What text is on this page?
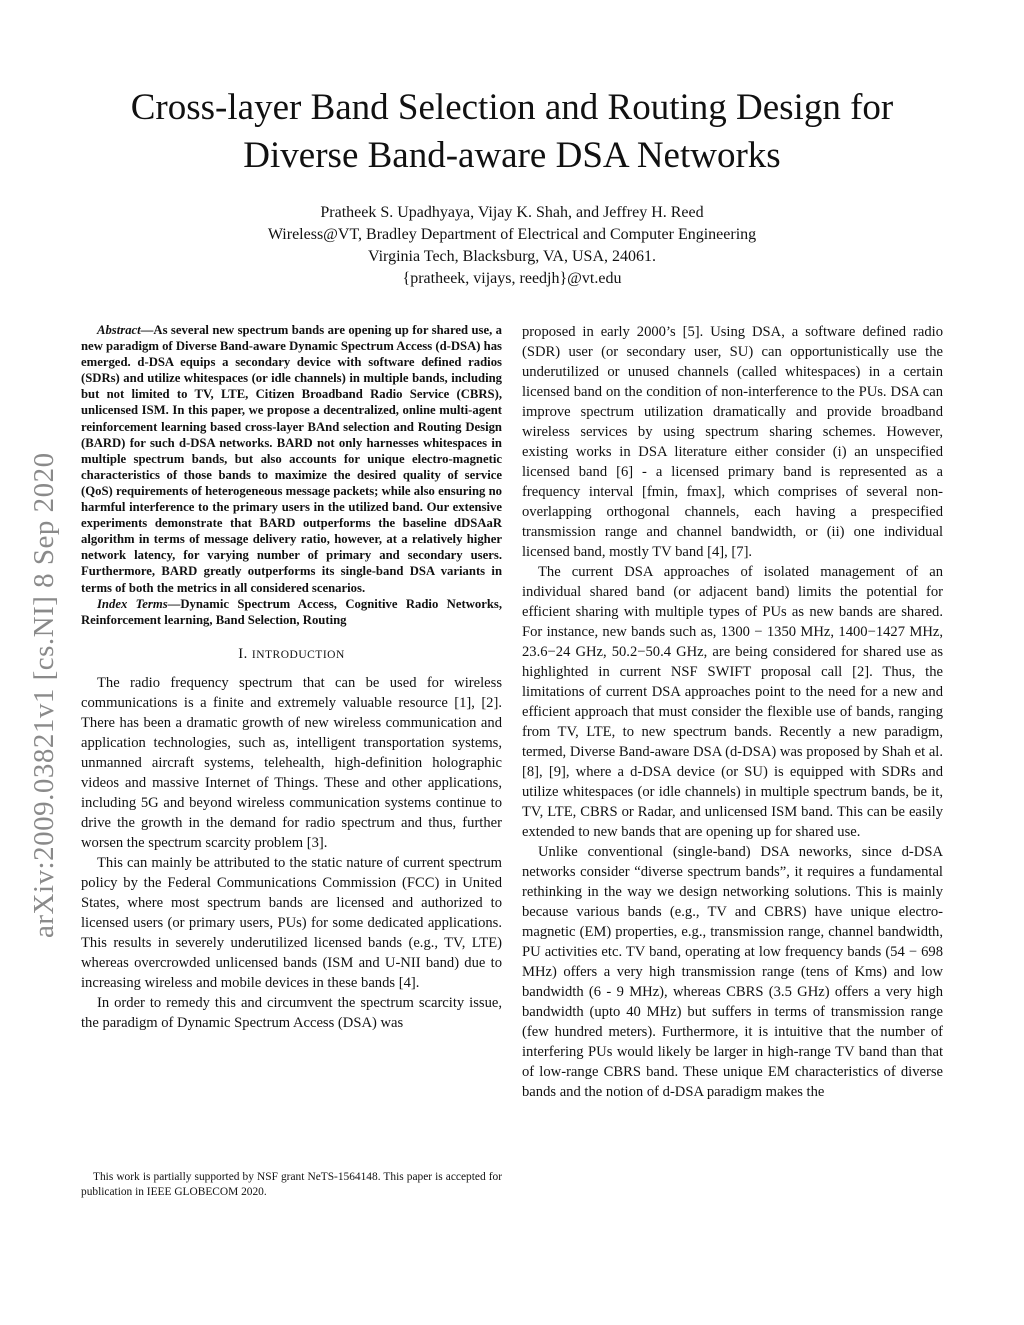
arXiv:2009.03821v1 [cs.NI] 8 Sep 2020
Cross-layer Band Selection and Routing Design for
Diverse Band-aware DSA Networks
Pratheek S. Upadhyaya, Vijay K. Shah, and Jeffrey H. Reed
Wireless@VT, Bradley Department of Electrical and Computer Engineering
Virginia Tech, Blacksburg, VA, USA, 24061.
{pratheek, vijays, reedjh}@vt.edu

Abstract—As several new spectrum bands are opening up for shared use, a new paradigm of Diverse Band-aware Dynamic Spectrum Access (d-DSA) has emerged. d-DSA equips a secondary device with software defined radios (SDRs) and utilize whitespaces (or idle channels) in multiple bands, including but not limited to TV, LTE, Citizen Broadband Radio Service (CBRS), unlicensed ISM. In this paper, we propose a decentralized, online multi-agent reinforcement learning based cross-layer BAnd selection and Routing Design (BARD) for such d-DSA networks. BARD not only harnesses whitespaces in multiple spectrum bands, but also accounts for unique electro-magnetic characteristics of those bands to maximize the desired quality of service (QoS) requirements of heterogeneous message packets; while also ensuring no harmful interference to the primary users in the utilized band. Our extensive experiments demonstrate that BARD outperforms the baseline dDSAaR algorithm in terms of message delivery ratio, however, at a relatively higher network latency, for varying number of primary and secondary users. Furthermore, BARD greatly outperforms its single-band DSA variants in terms of both the metrics in all considered scenarios.

Index Terms—Dynamic Spectrum Access, Cognitive Radio Networks, Reinforcement learning, Band Selection, Routing

I. INTRODUCTION

The radio frequency spectrum that can be used for wireless communications is a finite and extremely valuable resource [1], [2]. There has been a dramatic growth of new wireless communication and application technologies, such as, intelligent transportation systems, unmanned aircraft systems, telehealth, high-definition holographic videos and massive Internet of Things. These and other applications, including 5G and beyond wireless communication systems continue to drive the growth in the demand for radio spectrum and thus, further worsen the spectrum scarcity problem [3].

This can mainly be attributed to the static nature of current spectrum policy by the Federal Communications Commission (FCC) in United States, where most spectrum bands are licensed and authorized to licensed users (or primary users, PUs) for some dedicated applications. This results in severely underutilized licensed bands (e.g., TV, LTE) whereas overcrowded unlicensed bands (ISM and U-NII band) due to increasing wireless and mobile devices in these bands [4].

In order to remedy this and circumvent the spectrum scarcity issue, the paradigm of Dynamic Spectrum Access (DSA) was

This work is partially supported by NSF grant NeTS-1564148. This paper is accepted for publication in IEEE GLOBECOM 2020.

proposed in early 2000’s [5]. Using DSA, a software defined radio (SDR) user (or secondary user, SU) can opportunistically use the underutilized or unused channels (called whitespaces) in a certain licensed band on the condition of non-interference to the PUs. DSA can improve spectrum utilization dramatically and provide broadband wireless services by using spectrum sharing schemes. However, existing works in DSA literature either consider (i) an unspecified licensed band [6] - a licensed primary band is represented as a frequency interval [fmin, fmax], which comprises of several non-overlapping orthogonal channels, each having a prespecified transmission range and channel bandwidth, or (ii) one individual licensed band, mostly TV band [4], [7].

The current DSA approaches of isolated management of an individual shared band (or adjacent band) limits the potential for efficient sharing with multiple types of PUs as new bands are shared. For instance, new bands such as, 1300 − 1350 MHz, 1400−1427 MHz, 23.6−24 GHz, 50.2−50.4 GHz, are being considered for shared use as highlighted in current NSF SWIFT proposal call [2]. Thus, the limitations of current DSA approaches point to the need for a new and efficient approach that must consider the flexible use of bands, ranging from TV, LTE, to new spectrum bands. Recently a new paradigm, termed, Diverse Band-aware DSA (d-DSA) was proposed by Shah et al. [8], [9], where a d-DSA device (or SU) is equipped with SDRs and utilize whitespaces (or idle channels) in multiple spectrum bands, be it, TV, LTE, CBRS or Radar, and unlicensed ISM band. This can be easily extended to new bands that are opening up for shared use.

Unlike conventional (single-band) DSA neworks, since d-DSA networks consider “diverse spectrum bands”, it requires a fundamental rethinking in the way we design networking solutions. This is mainly because various bands (e.g., TV and CBRS) have unique electro-magnetic (EM) properties, e.g., transmission range, channel bandwidth, PU activities etc. TV band, operating at low frequency bands (54 − 698 MHz) offers a very high transmission range (tens of Kms) and low bandwidth (6 - 9 MHz), whereas CBRS (3.5 GHz) offers a very high bandwidth (upto 40 MHz) but suffers in terms of transmission range (few hundred meters). Furthermore, it is intuitive that the number of interfering PUs would likely be larger in high-range TV band than that of low-range CBRS band. These unique EM characteristics of diverse bands and the notion of d-DSA paradigm makes the
